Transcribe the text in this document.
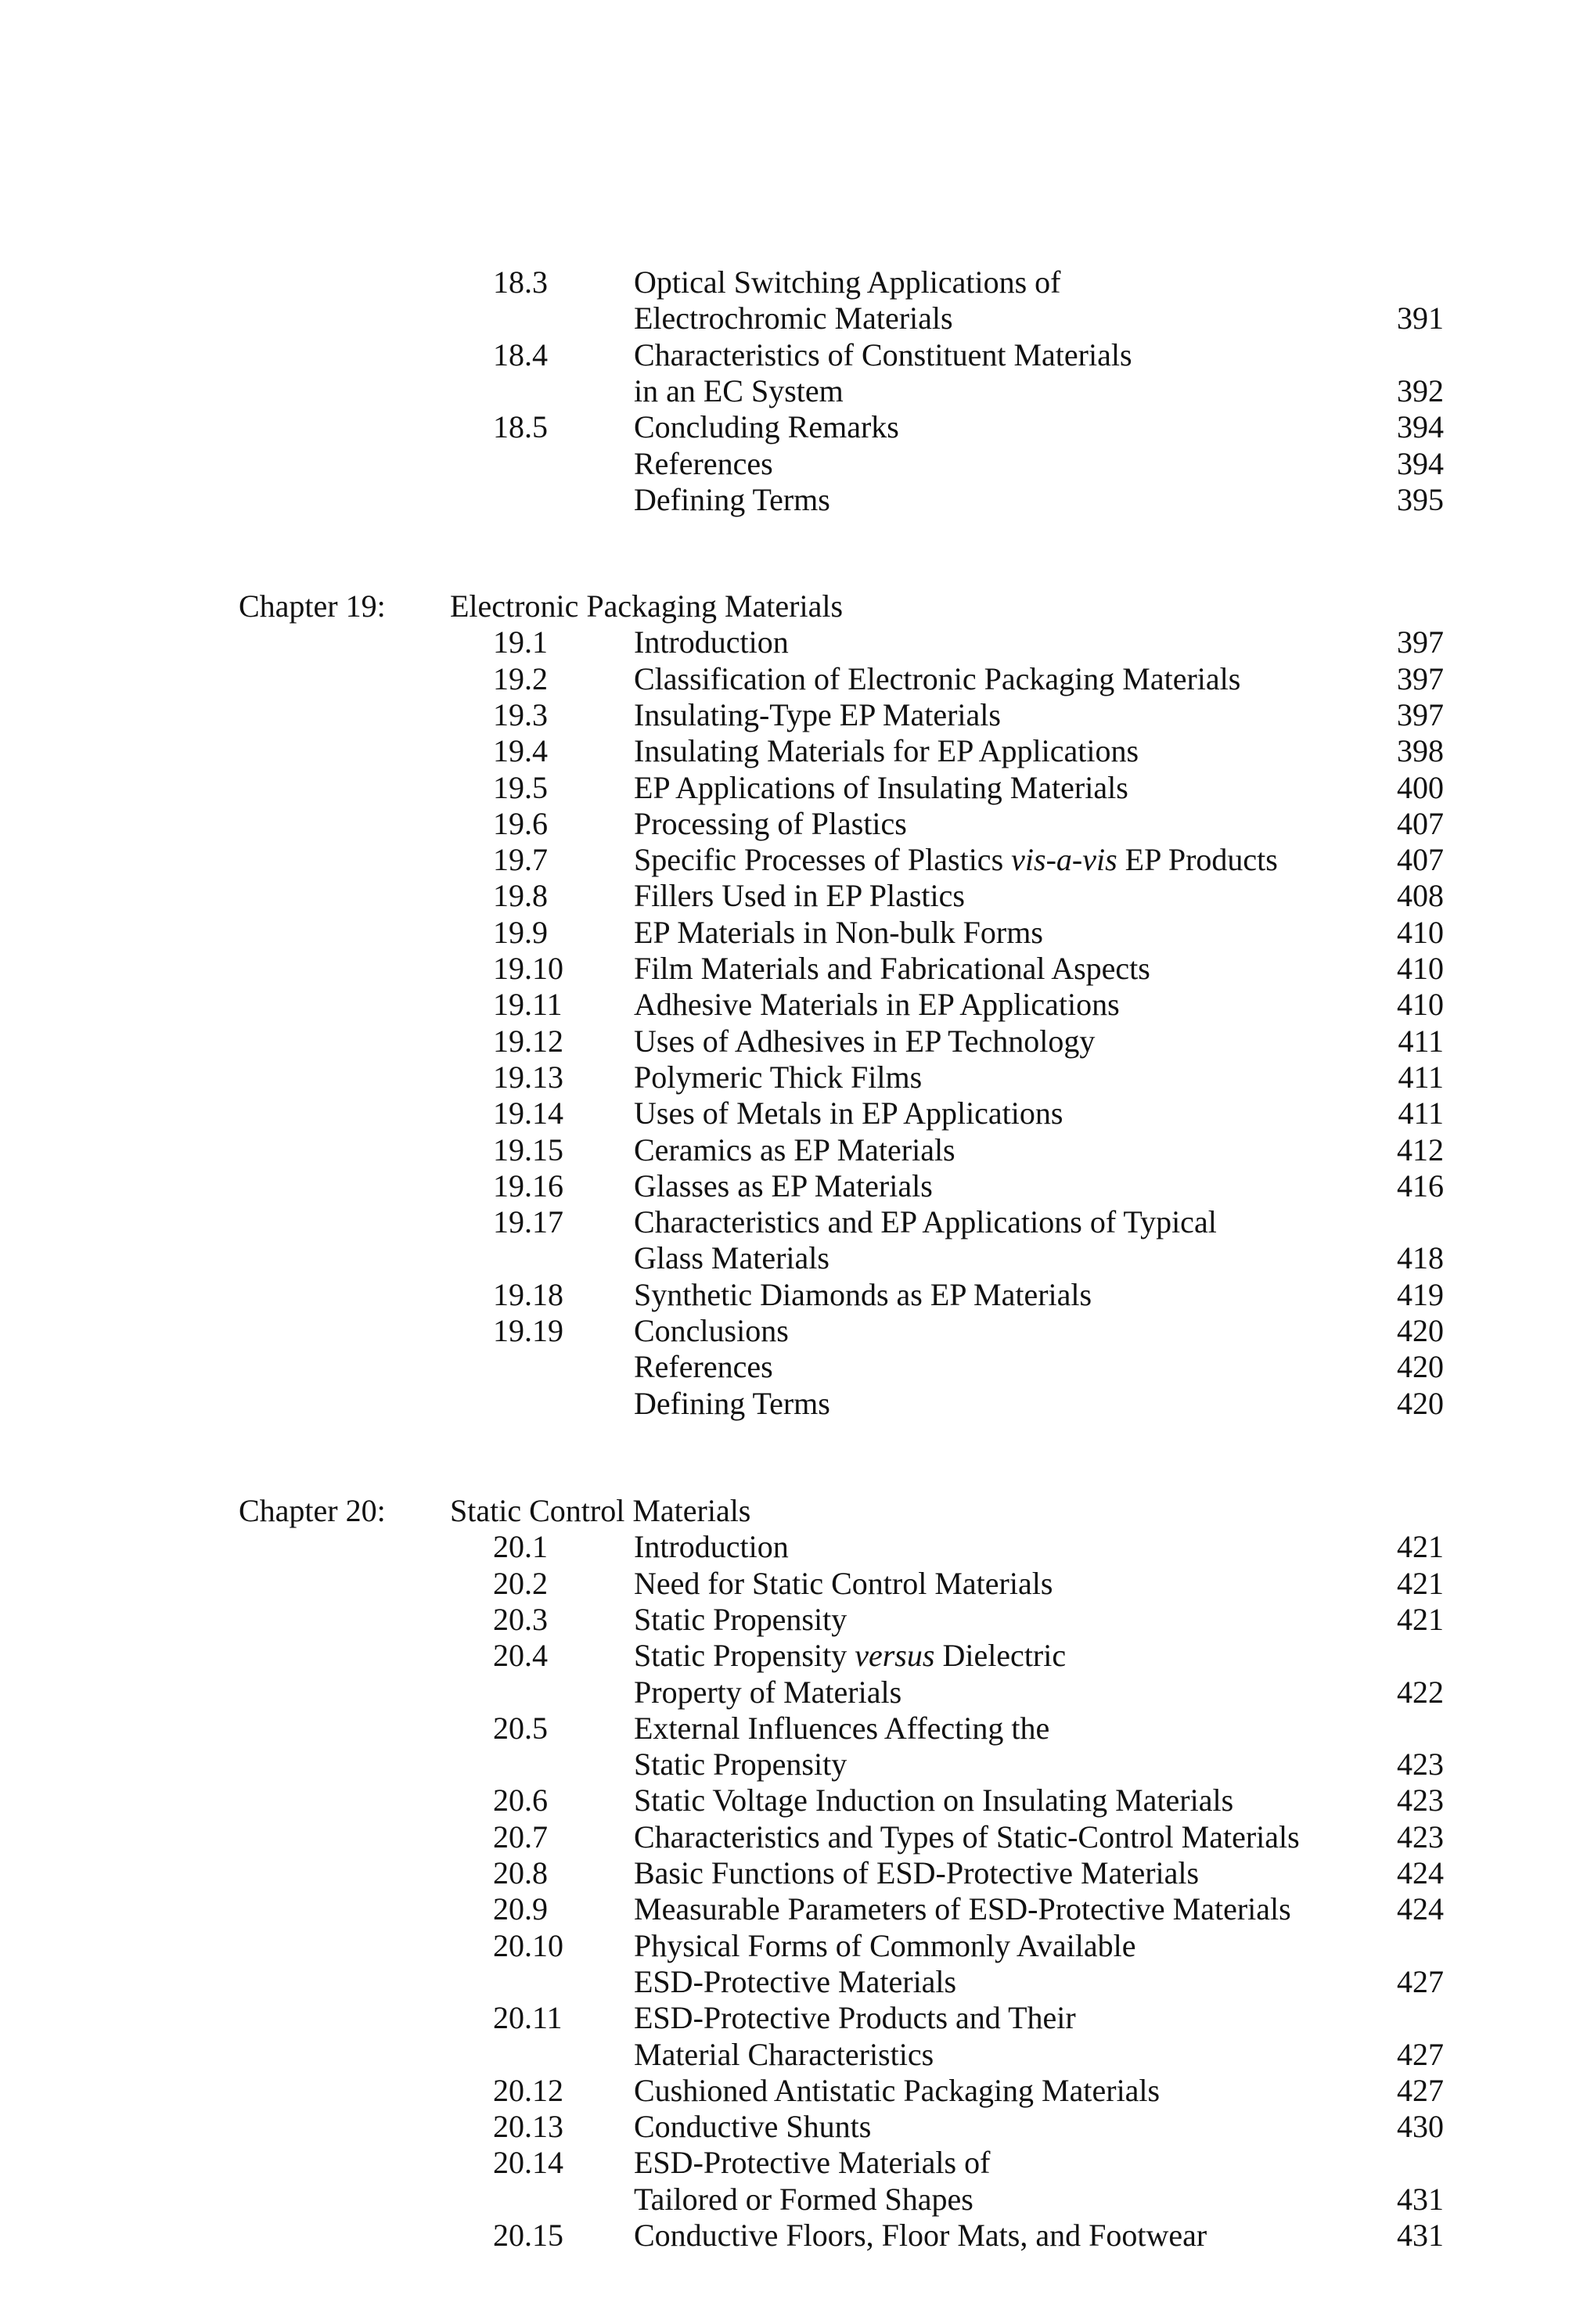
18.3	Optical Switching Applications of
Electrochromic Materials	391
18.4	Characteristics of Constituent Materials
in an EC System	392
18.5	Concluding Remarks	394
References	394
Defining Terms	395
Chapter 19: Electronic Packaging Materials
19.1	Introduction	397
19.2	Classification of Electronic Packaging Materials	397
19.3	Insulating-Type EP Materials	397
19.4	Insulating Materials for EP Applications	398
19.5	EP Applications of Insulating Materials	400
19.6	Processing of Plastics	407
19.7	Specific Processes of Plastics vis-a-vis EP Products	407
19.8	Fillers Used in EP Plastics	408
19.9	EP Materials in Non-bulk Forms	410
19.10 Film Materials and Fabricational Aspects	410
19.11 Adhesive Materials in EP Applications	410
19.12 Uses of Adhesives in EP Technology	411
19.13 Polymeric Thick Films	411
19.14 Uses of Metals in EP Applications	411
19.15 Ceramics as EP Materials	412
19.16 Glasses as EP Materials	416
19.17 Characteristics and EP Applications of Typical
Glass Materials	418
19.18 Synthetic Diamonds as EP Materials	419
19.19 Conclusions	420
References	420
Defining Terms	420
Chapter 20: Static Control Materials
20.1	Introduction	421
20.2	Need for Static Control Materials	421
20.3	Static Propensity	421
20.4	Static Propensity versus Dielectric
Property of Materials	422
20.5	External Influences Affecting the
Static Propensity	423
20.6	Static Voltage Induction on Insulating Materials	423
20.7	Characteristics and Types of Static-Control Materials	423
20.8	Basic Functions of ESD-Protective Materials	424
20.9	Measurable Parameters of ESD-Protective Materials	424
20.10 Physical Forms of Commonly Available
ESD-Protective Materials	427
20.11 ESD-Protective Products and Their
Material Characteristics	427
20.12 Cushioned Antistatic Packaging Materials	427
20.13 Conductive Shunts	430
20.14 ESD-Protective Materials of
Tailored or Formed Shapes	431
20.15 Conductive Floors, Floor Mats, and Footwear	431
